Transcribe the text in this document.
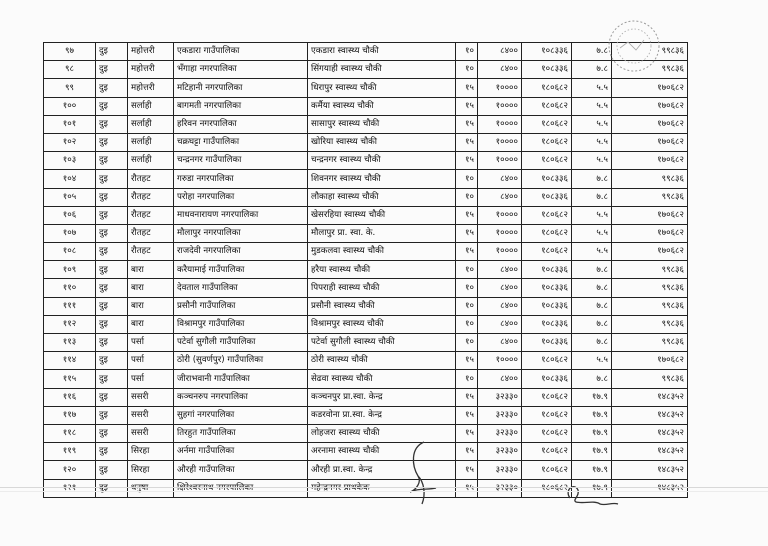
९७	दुइ	महोत्तरी	एकडारा गाउँपालिका	एकडारा स्वास्थ्य चौकी	१०	८४००	१०८३३६	७.८	९९८३६
९८	दुइ	महोत्तरी	भँगाहा नगरपालिका	सिंगयाही स्वास्थ्य चौकी	१०	८४००	१०८३३६	७.८	९९८३६
९९	दुइ	महोत्तरी	मटिहानी नगरपालिका	धिरापुर स्वास्थ्य चौकी	१५	१००००	१८०६८२	५.५	१७०६८२
१००	दुइ	सर्लाही	बागमती नगरपालिका	कर्मैया स्वास्थ्य चौकी	१५	१००००	१८०६८२	५.५	१७०६८२
१०१	दुइ	सर्लाही	हरिवन नगरपालिका	सासापुर स्वास्थ्य चौकी	१५	१००००	१८०६८२	५.५	१७०६८२
१०२	दुइ	सर्लाही	चक्रघट्टा गाउँपालिका	खोरिया स्वास्थ्य चौकी	१५	१००००	१८०६८२	५.५	१७०६८२
१०३	दुइ	सर्लाही	चन्द्रनगर गाउँपालिका	चन्द्रनगर स्वास्थ्य चौकी	१५	१००००	१८०६८२	५.५	१७०६८२
१०४	दुइ	रौतहट	गरुडा नगरपालिका	शिवनगर स्वास्थ्य चौकी	१०	८४००	१०८३३६	७.८	९९८३६
१०५	दुइ	रौतहट	परोहा नगरपालिका	लौकाहा स्वास्थ्य चौकी	१०	८४००	१०८३३६	७.८	९९८३६
१०६	दुइ	रौतहट	माधवनारायण नगरपालिका	खेसरहिया स्वास्थ्य चौकी	१५	१००००	१८०६८२	५.५	१७०६८२
१०७	दुइ	रौतहट	मौलापुर नगरपालिका	मौलापुर प्रा. स्वा. के.	१५	१००००	१८०६८२	५.५	१७०६८२
१०८	दुइ	रौतहट	राजदेवी नगरपालिका	मुडकलवा स्वास्थ्य चौकी	१५	१००००	१८०६८२	५.५	१७०६८२
१०९	दुइ	बारा	करैयामाई गाउँपालिका	हरैया स्वास्थ्य चौकी	१०	८४००	१०८३३६	७.८	९९८३६
११०	दुइ	बारा	देवताल गाउँपालिका	पिपराही स्वास्थ्य चौकी	१०	८४००	१०८३३६	७.८	९९८३६
१११	दुइ	बारा	प्रसौनी गाउँपालिका	प्रसौनी स्वास्थ्य चौकी	१०	८४००	१०८३३६	७.८	९९८३६
११२	दुइ	बारा	विश्रामपुर गाउँपालिका	विश्रामपुर स्वास्थ्य चौकी	१०	८४००	१०८३३६	७.८	९९८३६
११३	दुइ	पर्सा	पटेर्वा सुगौली गाउँपालिका	पटेर्वा सुगौली स्वास्थ्य चौकी	१०	८४००	१०८३३६	७.८	९९८३६
११४	दुइ	पर्सा	ठोरी (सुवर्णपुर) गाउँपालिका	ठोरी स्वास्थ्य चौकी	१५	१००००	१८०६८२	५.५	१७०६८२
११५	दुइ	पर्सा	जीराभवानी गाउँपालिका	सेढवा स्वास्थ्य चौकी	१०	८४००	१०८३३६	७.८	९९८३६
११६	दुइ	ससरी	कञ्चनरुप नगरपालिका	कञ्चनपुर प्रा.स्वा. केन्द्र	१५	३२३३०	१८०६८२	१७.९	१४८३५२
११७	दुइ	ससरी	सुहगां नगरपालिका	कडरवोना प्रा.स्वा. केन्द्र	१५	३२३३०	१८०६८२	१७.९	१४८३५२
११८	दुइ	ससरी	तिरहुत गाउँपालिका	लोहजरा स्वास्थ्य चौकी	१५	३२३३०	१८०६८२	१७.९	१४८३५२
११९	दुइ	सिरहा	अर्नमा गाउँपालिका	अरनामा स्वास्थ्य चौकी	१५	३२३३०	१८०६८२	१७.९	१४८३५२
१२०	दुइ	सिरहा	औरही गाउँपालिका	औरही प्रा.स्वा. केन्द्र	१५	३२३३०	१८०६८२	१७.९	१४८३५२
